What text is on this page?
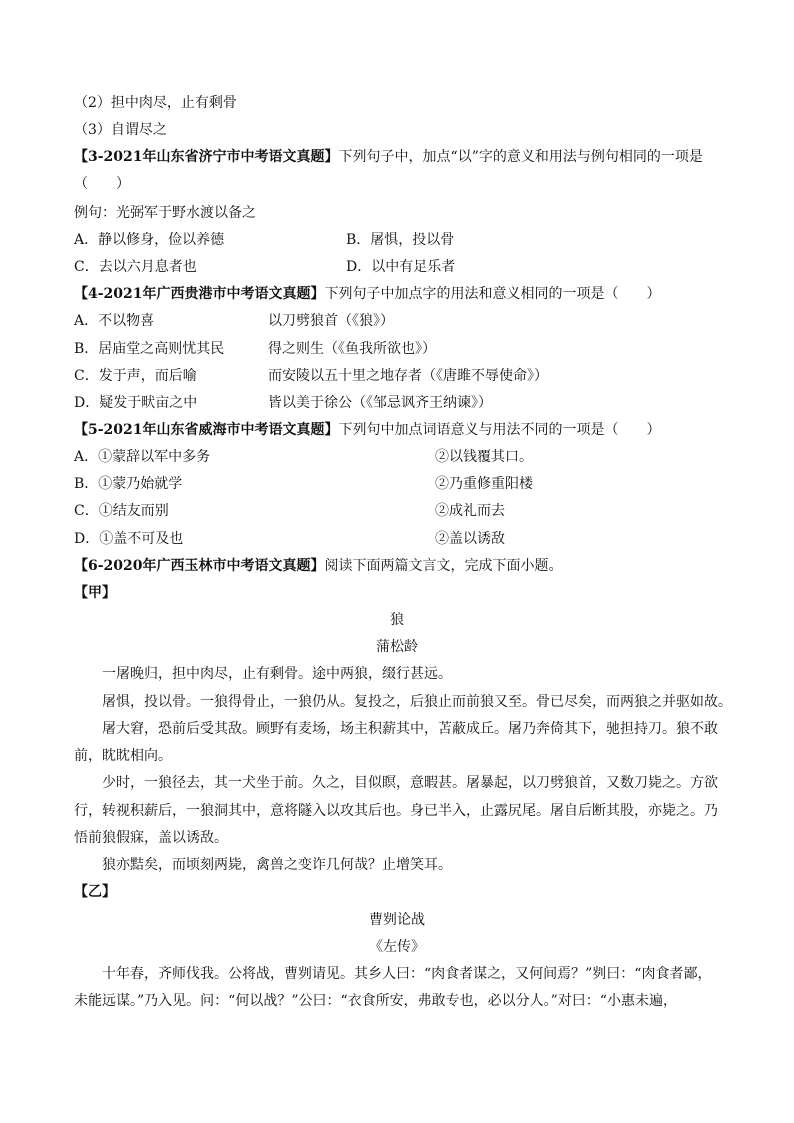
（2）担中肉尽，止有剩骨
（3）自谓尽之
【3-2021年山东省济宁市中考语文真题】下列句子中，加点“以”字的意义和用法与例句相同的一项是
（　　）
例句：光弼军于野水渡以备之
A．静以修身，俭以养德	B．屠惧，投以骨
C．去以六月息者也	D．以中有足乐者
【4-2021年广西贵港市中考语文真题】下列句子中加点字的用法和意义相同的一项是（　　）
A．不以物喜	以刀劈狼首（《狼》）
B．居庙堂之高则忧其民	得之则生（《鱼我所欲也》）
C．发于声，而后喻	而安陵以五十里之地存者（《唐雎不辱使命》）
D．疑发于畎亩之中	皆以美于徐公（《邹忌讽齐王纳谏》）
【5-2021年山东省威海市中考语文真题】下列句中加点词语意义与用法不同的一项是（　　）
A．①蒙辞以军中多务	②以钱覆其口。
B．①蒙乃始就学	②乃重修重阳楼
C．①结友而别	②成礼而去
D．①盖不可及也	②盖以诱敌
【6-2020年广西玉林市中考语文真题】阅读下面两篇文言文，完成下面小题。
【甲】
狼
蒲松龄
一屠晚归，担中肉尽，止有剩骨。途中两狼，缀行甚远。
屠惧，投以骨。一狼得骨止，一狼仍从。复投之，后狼止而前狼又至。骨已尽矣，而两狼之并驱如故。
屠大窘，恐前后受其敌。顾野有麦场，场主积薪其中，苫蔽成丘。屠乃奔倚其下，驰担持刀。狼不敢
前，眈眈相向。
少时，一狼径去，其一犬坐于前。久之，目似瞑，意暇甚。屠暴起，以刀劈狼首，又数刀毙之。方欲
行，转视积薪后，一狼洞其中，意将隧入以攻其后也。身已半入，止露尻尾。屠自后断其股，亦毙之。乃
悟前狼假寐，盖以诱敌。
狼亦黠矣，而顷刻两毙，禽兽之变诈几何哉？止增笑耳。
【乙】
曹刿论战
《左传》
十年春，齐师伐我。公将战，曹刿请见。其乡人曰：“肉食者谋之，又何间焉？”刿曰：“肉食者鄙，
未能远谋。”乃入见。问：“何以战？”公曰：“衣食所安，弗敢专也，必以分人。”对曰：“小惠未遍，
